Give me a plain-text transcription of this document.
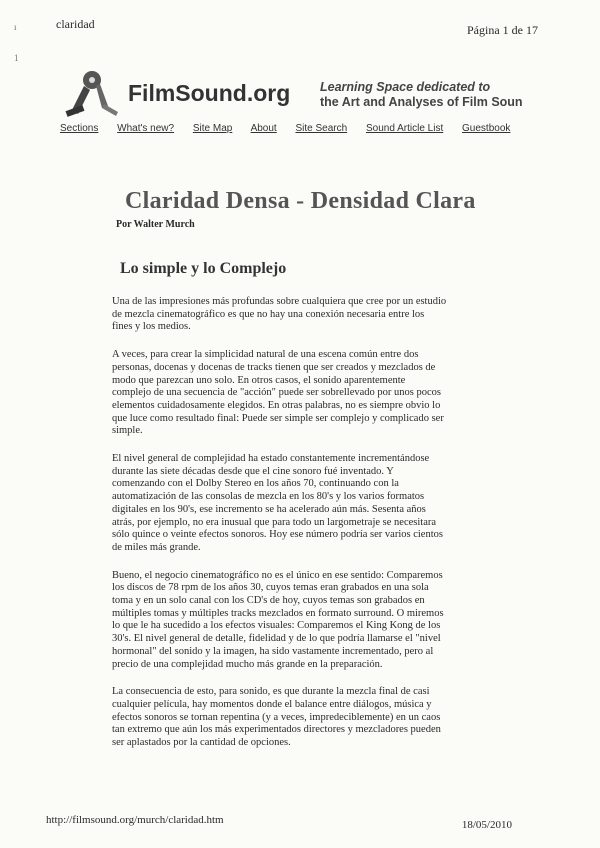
claridad	Página 1 de 17
ı
1
FilmSound.org Learning Space dedicated to
the Art and Analyses of Film Soun
Sections What's new? Site Map About Site Search Sound Article List Guestbook
Claridad Densa - Densidad Clara
Por Walter Murch
Lo simple y lo Complejo

Una de las impresiones más profundas sobre cualquiera que cree por un estudio de mezcla cinematográfico es que no hay una conexión necesaria entre los fines y los medios.

A veces, para crear la simplicidad natural de una escena común entre dos personas, docenas y docenas de tracks tienen que ser creados y mezclados de modo que parezcan uno solo. En otros casos, el sonido aparentemente complejo de una secuencia de "acción" puede ser sobrellevado por unos pocos elementos cuidadosamente elegidos. En otras palabras, no es siempre obvio lo que luce como resultado final: Puede ser simple ser complejo y complicado ser simple.

El nivel general de complejidad ha estado constantemente incrementándose durante las siete décadas desde que el cine sonoro fué inventado. Y comenzando con el Dolby Stereo en los años 70, continuando con la automatización de las consolas de mezcla en los 80's y los varios formatos digitales en los 90's, ese incremento se ha acelerado aún más. Sesenta años atrás, por ejemplo, no era inusual que para todo un largometraje se necesitara sólo quince o veinte efectos sonoros. Hoy ese número podría ser varios cientos de miles más grande.

Bueno, el negocio cinematográfico no es el único en ese sentido: Comparemos los discos de 78 rpm de los años 30, cuyos temas eran grabados en una sola toma y en un solo canal con los CD's de hoy, cuyos temas son grabados en múltiples tomas y múltiples tracks mezclados en formato surround. O miremos lo que le ha sucedido a los efectos visuales: Comparemos el King Kong de los 30's. El nivel general de detalle, fidelidad y de lo que podría llamarse el "nivel hormonal" del sonido y la imagen, ha sido vastamente incrementado, pero al precio de una complejidad mucho más grande en la preparación.

La consecuencia de esto, para sonido, es que durante la mezcla final de casi cualquier película, hay momentos donde el balance entre diálogos, música y efectos sonoros se tornan repentina (y a veces, impredeciblemente) en un caos tan extremo que aún los más experimentados directores y mezcladores pueden ser aplastados por la cantidad de opciones.

http://filmsound.org/murch/claridad.htm	18/05/2010
